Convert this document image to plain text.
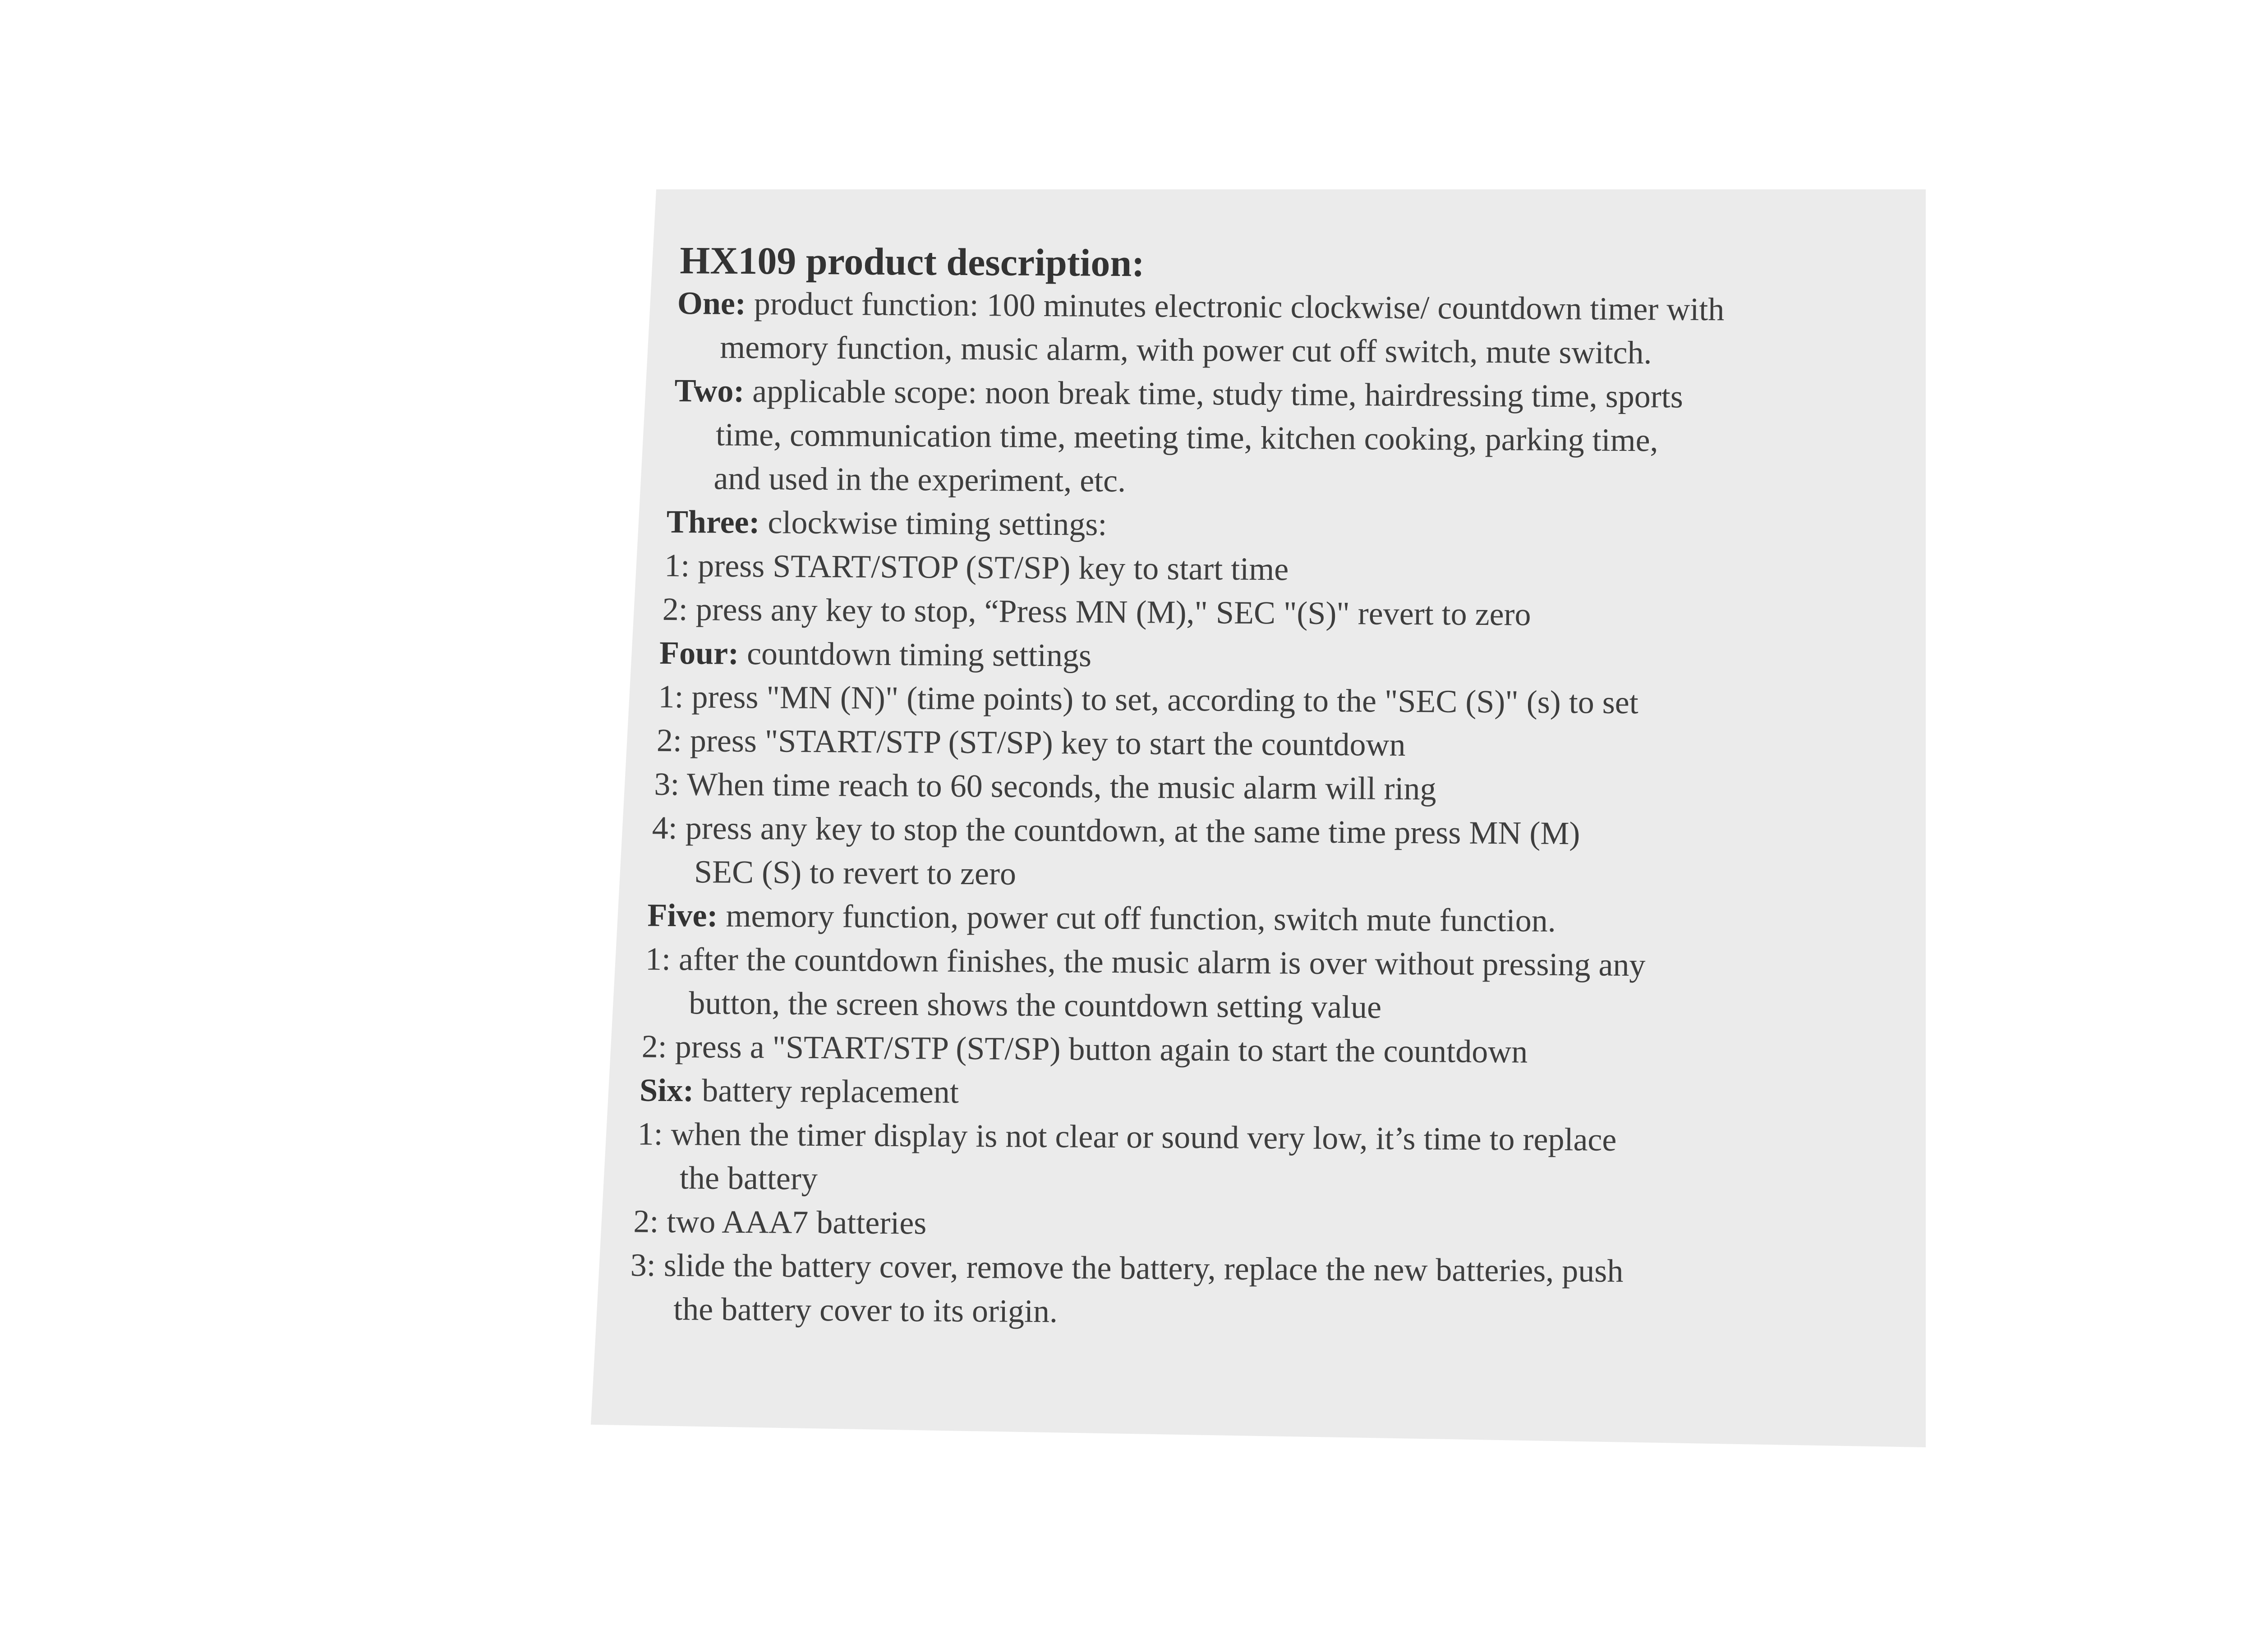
HX109 product description:
One: product function: 100 minutes electronic clockwise/ countdown timer with
memory function, music alarm, with power cut off switch, mute switch.
Two: applicable scope: noon break time, study time, hairdressing time, sports
time, communication time, meeting time, kitchen cooking, parking time,
and used in the experiment, etc.
Three: clockwise timing settings:
1: press START/STOP (ST/SP) key to start time
2: press any key to stop, “Press MN (M)," SEC "(S)" revert to zero
Four: countdown timing settings
1: press "MN (N)" (time points) to set, according to the "SEC (S)" (s) to set
2: press "START/STP (ST/SP) key to start the countdown
3: When time reach to 60 seconds, the music alarm will ring
4: press any key to stop the countdown, at the same time press MN (M)
SEC (S) to revert to zero
Five: memory function, power cut off function, switch mute function.
1: after the countdown finishes, the music alarm is over without pressing any
button, the screen shows the countdown setting value
2: press a "START/STP (ST/SP) button again to start the countdown
Six: battery replacement
1: when the timer display is not clear or sound very low, it’s time to replace
the battery
2: two AAA7 batteries
3: slide the battery cover, remove the battery, replace the new batteries, push
the battery cover to its origin.
